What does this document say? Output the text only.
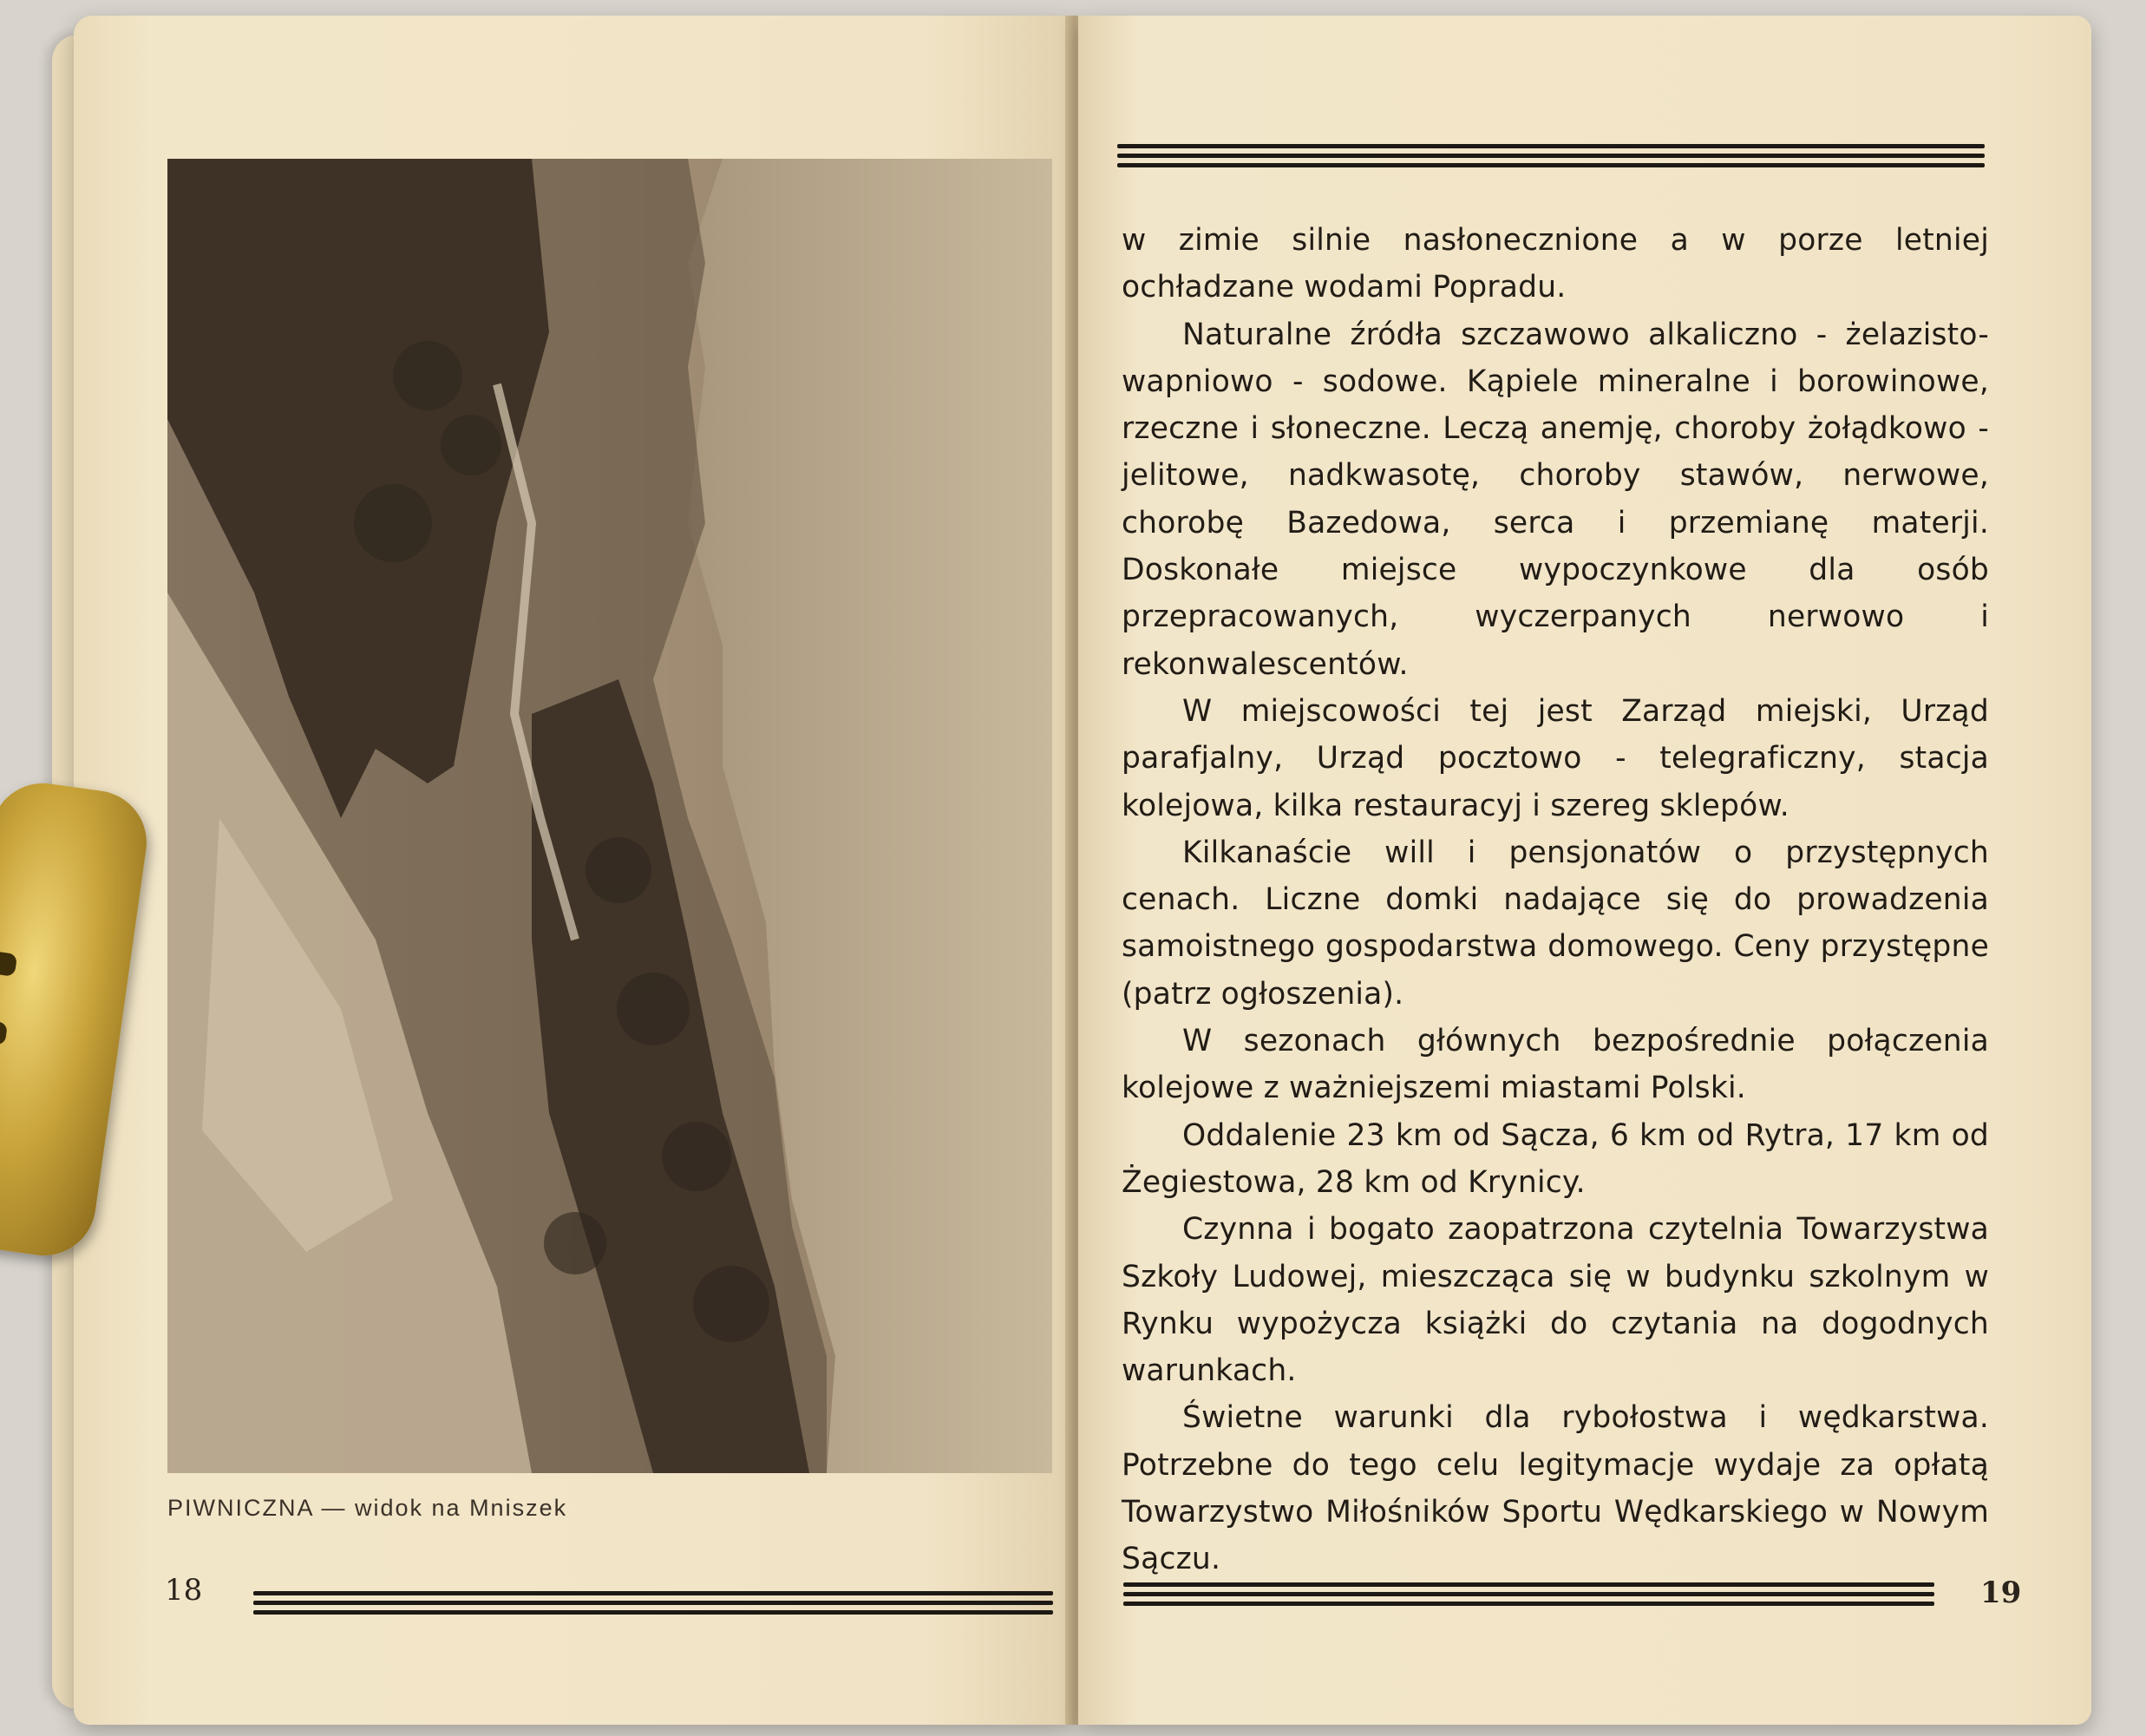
PIWNICZNA — widok na Mniszek
18

w zimie silnie nasłonecznione a w porze letniej ochładzane wodami Popradu.

Naturalne źródła szczawowo alkaliczno - żelazisto-wapniowo - sodowe. Kąpiele mineralne i borowinowe, rzeczne i słoneczne. Leczą anemję, choroby żołądkowo - jelitowe, nadkwasotę, choroby stawów, nerwowe, chorobę Bazedowa, serca i przemianę materji. Doskonałe miejsce wypoczynkowe dla osób przepracowanych, wyczerpanych nerwowo i rekonwalescentów.

W miejscowości tej jest Zarząd miejski, Urząd parafjalny, Urząd pocztowo - telegraficzny, stacja kolejowa, kilka restauracyj i szereg sklepów.

Kilkanaście will i pensjonatów o przystępnych cenach. Liczne domki nadające się do prowadzenia samoistnego gospodarstwa domowego. Ceny przystępne (patrz ogłoszenia).

W sezonach głównych bezpośrednie połączenia kolejowe z ważniejszemi miastami Polski.

Oddalenie 23 km od Sącza, 6 km od Rytra, 17 km od Żegiestowa, 28 km od Krynicy.

Czynna i bogato zaopatrzona czytelnia Towarzystwa Szkoły Ludowej, mieszcząca się w budynku szkolnym w Rynku wypożycza książki do czytania na dogodnych warunkach.

Świetne warunki dla rybołostwa i wędkarstwa. Potrzebne do tego celu legitymacje wydaje za opłatą Towarzystwo Miłośników Sportu Wędkarskiego w Nowym Sączu.

19
